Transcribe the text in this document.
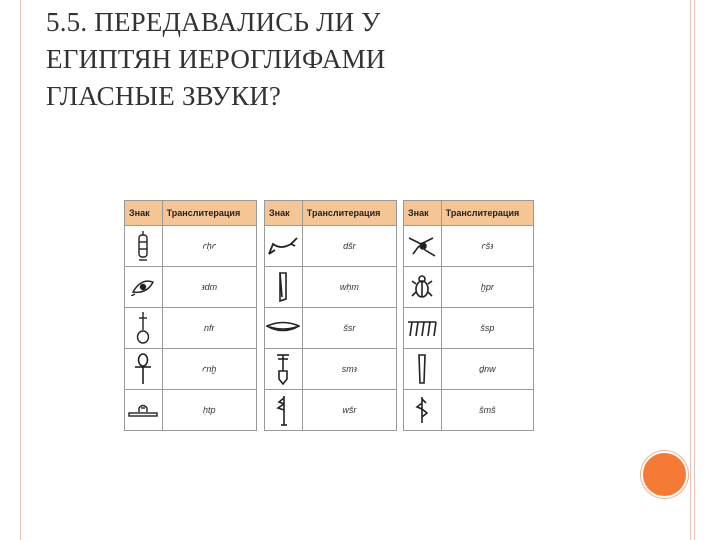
5.5. ПЕРЕДАВАЛИСЬ ЛИ У
ЕГИПТЯН ИЕРОГЛИФАМИ
ГЛАСНЫЕ ЗВУКИ?
Знак	Транслитерация

	ꜥḥꜥ

	ꜣdm

	nfr

	ꜥnḫ

	ḥtp
Знак	Транслитерация

	dšr

	wḥm

	šsr

	smꜣ

	wšr
Знак	Транслитерация

	ꜥšꜣ

	ḫpr

	šsp

	ḏnw

	šmš
